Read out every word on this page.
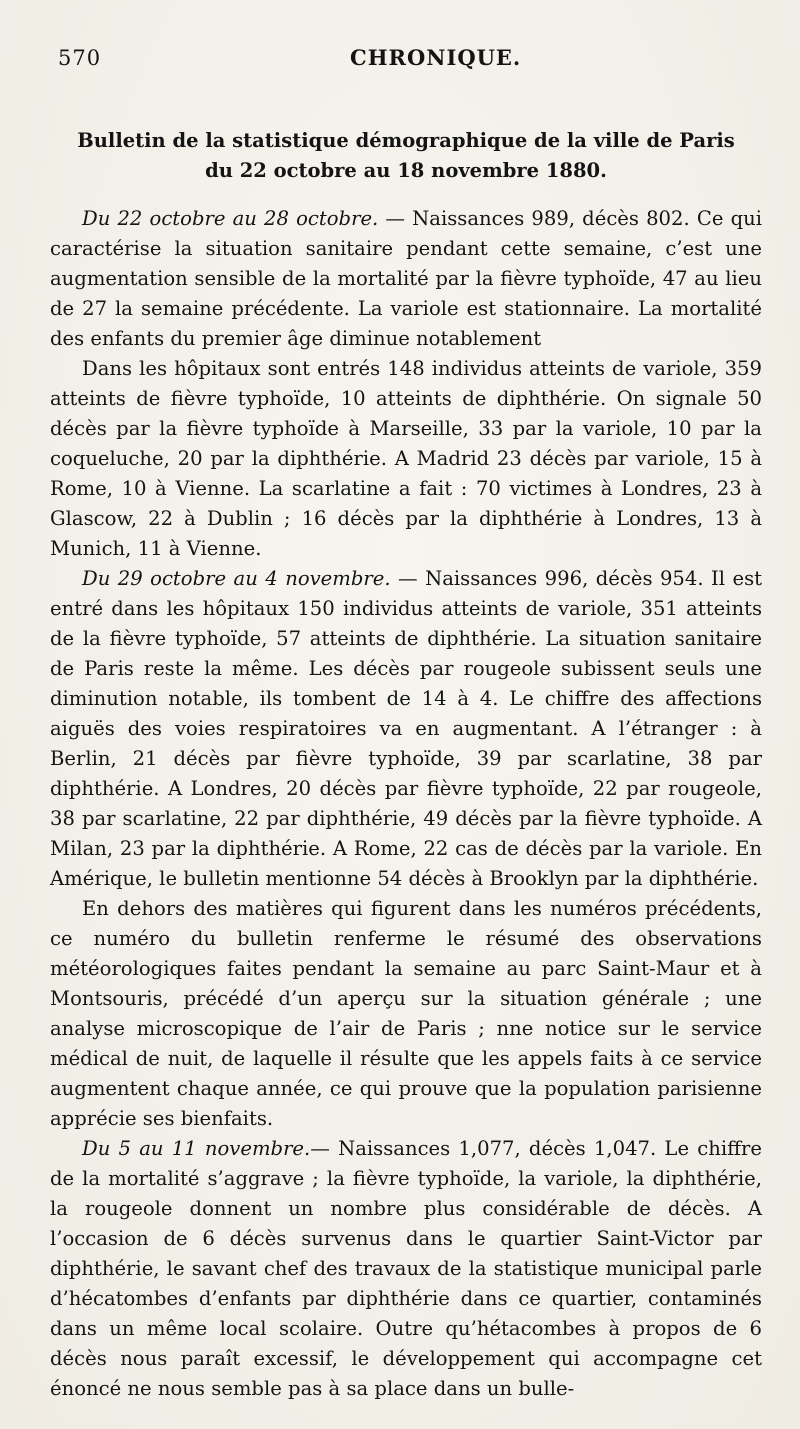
570	CHRONIQUE.
Bulletin de la statistique démographique de la ville de Paris
du 22 octobre au 18 novembre 1880.

Du 22 octobre au 28 octobre. — Naissances 989, décès 802. Ce qui caractérise la situation sanitaire pendant cette semaine, c’est une augmentation sensible de la mortalité par la fièvre typhoïde, 47 au lieu de 27 la semaine précédente. La variole est stationnaire. La mortalité des enfants du premier âge diminue notablement

Dans les hôpitaux sont entrés 148 individus atteints de variole, 359 atteints de fièvre typhoïde, 10 atteints de diphthérie. On signale 50 décès par la fièvre typhoïde à Marseille, 33 par la variole, 10 par la coqueluche, 20 par la diphthérie. A Madrid 23 décès par variole, 15 à Rome, 10 à Vienne. La scarlatine a fait : 70 victimes à Londres, 23 à Glascow, 22 à Dublin ; 16 décès par la diphthérie à Londres, 13 à Munich, 11 à Vienne.

Du 29 octobre au 4 novembre. — Naissances 996, décès 954. Il est entré dans les hôpitaux 150 individus atteints de variole, 351 atteints de la fièvre typhoïde, 57 atteints de diphthérie. La situation sanitaire de Paris reste la même. Les décès par rougeole subissent seuls une diminution notable, ils tombent de 14 à 4. Le chiffre des affections aiguës des voies respiratoires va en augmentant. A l’étranger : à Berlin, 21 décès par fièvre typhoïde, 39 par scarlatine, 38 par diphthérie. A Londres, 20 décès par fièvre typhoïde, 22 par rougeole, 38 par scarlatine, 22 par diphthérie, 49 décès par la fièvre typhoïde. A Milan, 23 par la diphthérie. A Rome, 22 cas de décès par la variole. En Amérique, le bulletin mentionne 54 décès à Brooklyn par la diphthérie.

En dehors des matières qui figurent dans les numéros précédents, ce numéro du bulletin renferme le résumé des observations météorologiques faites pendant la semaine au parc Saint-Maur et à Montsouris, précédé d’un aperçu sur la situation générale ; une analyse microscopique de l’air de Paris ; nne notice sur le service médical de nuit, de laquelle il résulte que les appels faits à ce service augmentent chaque année, ce qui prouve que la population parisienne apprécie ses bienfaits.

Du 5 au 11 novembre.— Naissances 1,077, décès 1,047. Le chiffre de la mortalité s’aggrave ; la fièvre typhoïde, la variole, la diphthérie, la rougeole donnent un nombre plus considérable de décès. A l’occasion de 6 décès survenus dans le quartier Saint-Victor par diphthérie, le savant chef des travaux de la statistique municipal parle d’hécatombes d’enfants par diphthérie dans ce quartier, contaminés dans un même local scolaire. Outre qu’hétacombes à propos de 6 décès nous paraît excessif, le développement qui accompagne cet énoncé ne nous semble pas à sa place dans un bulle-
